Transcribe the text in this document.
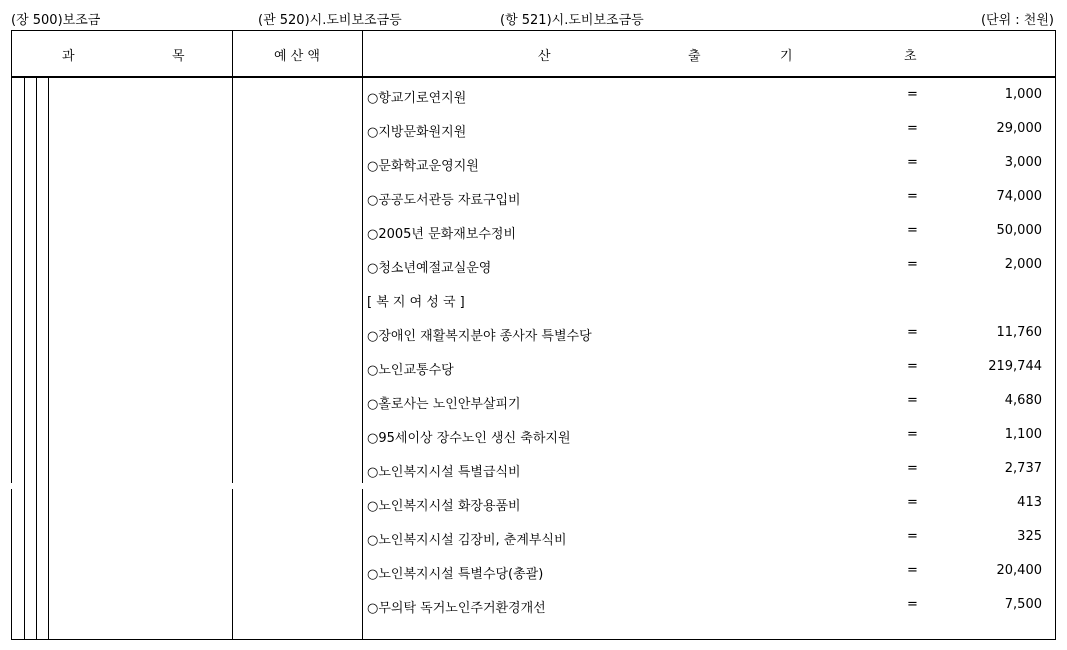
(장 500)보조금	(관 520)시.도비보조금등	(항 521)시.도비보조금등	(단위 : 천원)
과	목	예 산 액	산	출	기	초
○항교기로연지원	=	1,000
○지방문화원지원	=	29,000
○문화학교운영지원	=	3,000
○공공도서관등 자료구입비	=	74,000
○2005년 문화재보수정비	=	50,000
○청소년예절교실운영	=	2,000
[ 복 지 여 성 국 ]
○장애인 재활복지분야 종사자 특별수당	=	11,760
○노인교통수당	=	219,744
○홀로사는 노인안부살피기	=	4,680
○95세이상 장수노인 생신 축하지원	=	1,100
○노인복지시설 특별급식비	=	2,737
○노인복지시설 화장용품비	=	413
○노인복지시설 김장비, 춘계부식비	=	325
○노인복지시설 특별수당(총괄)	=	20,400
○무의탁 독거노인주거환경개선	=	7,500
